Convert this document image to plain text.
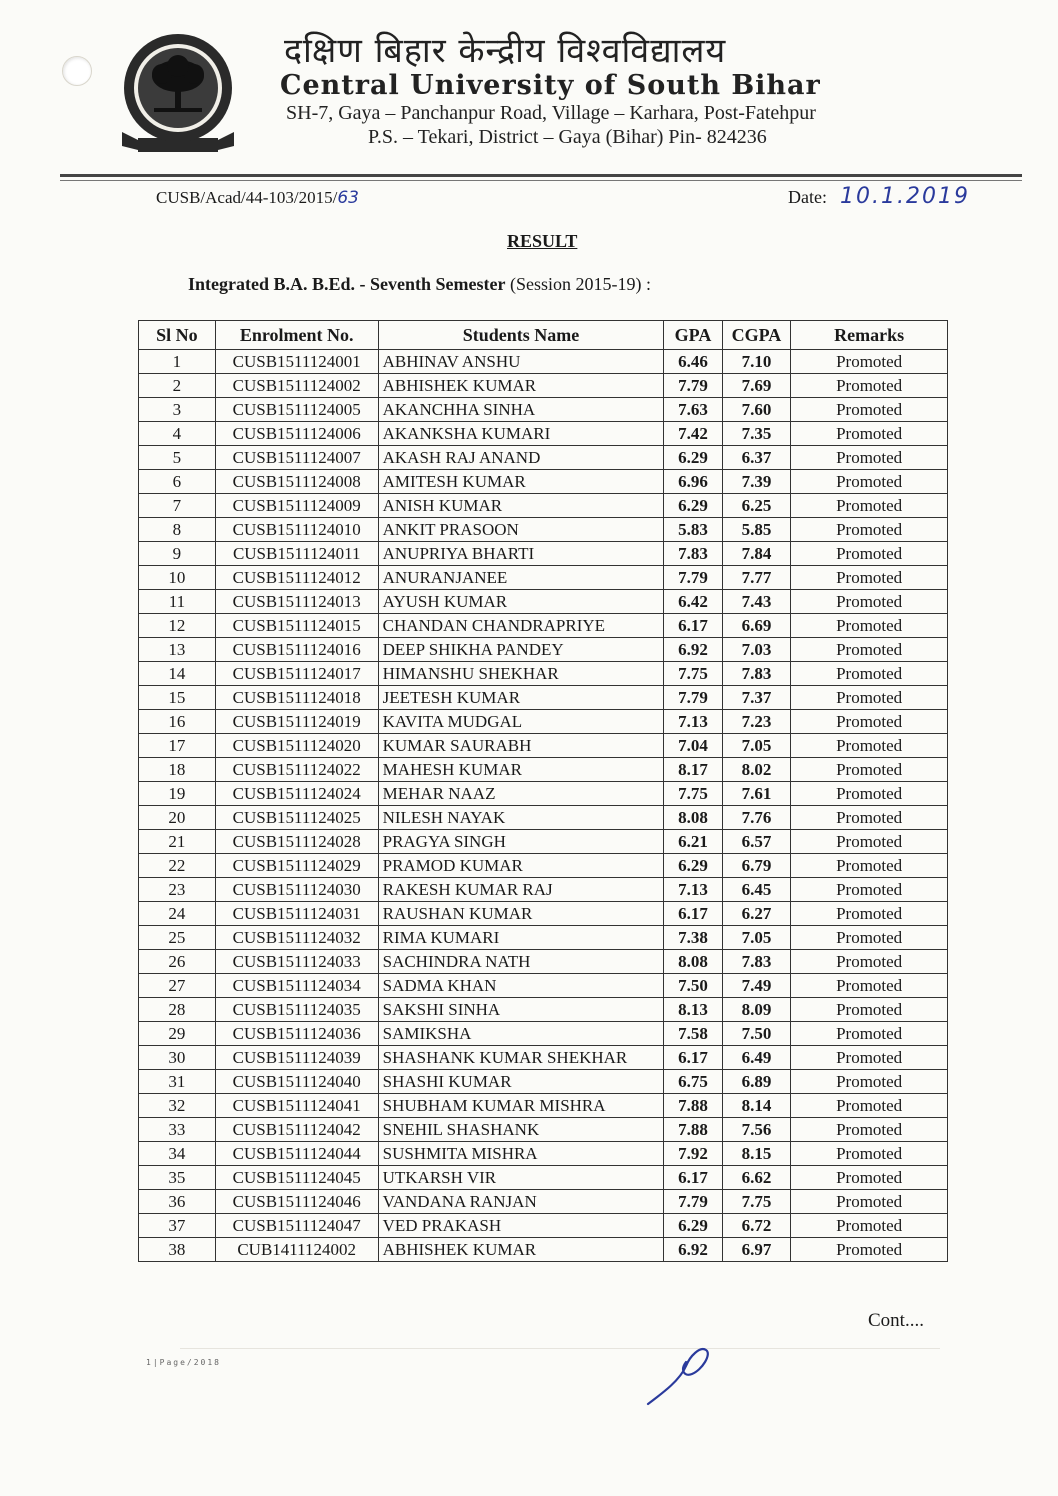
दक्षिण बिहार केन्द्रीय विश्वविद्यालय
Central University of South Bihar
SH-7, Gaya – Panchanpur Road, Village – Karhara, Post-Fatehpur
P.S. – Tekari, District – Gaya (Bihar) Pin- 824236
CUSB/Acad/44-103/2015/63	Date: 10.1.2019
RESULT
Integrated B.A. B.Ed. - Seventh Semester (Session 2015-19) :
Sl No	Enrolment No.	Students Name	GPA	CGPA	Remarks
1	CUSB1511124001	ABHINAV ANSHU	6.46	7.10	Promoted
2	CUSB1511124002	ABHISHEK KUMAR	7.79	7.69	Promoted
3	CUSB1511124005	AKANCHHA SINHA	7.63	7.60	Promoted
4	CUSB1511124006	AKANKSHA KUMARI	7.42	7.35	Promoted
5	CUSB1511124007	AKASH RAJ ANAND	6.29	6.37	Promoted
6	CUSB1511124008	AMITESH KUMAR	6.96	7.39	Promoted
7	CUSB1511124009	ANISH KUMAR	6.29	6.25	Promoted
8	CUSB1511124010	ANKIT PRASOON	5.83	5.85	Promoted
9	CUSB1511124011	ANUPRIYA BHARTI	7.83	7.84	Promoted
10	CUSB1511124012	ANURANJANEE	7.79	7.77	Promoted
11	CUSB1511124013	AYUSH KUMAR	6.42	7.43	Promoted
12	CUSB1511124015	CHANDAN CHANDRAPRIYE	6.17	6.69	Promoted
13	CUSB1511124016	DEEP SHIKHA PANDEY	6.92	7.03	Promoted
14	CUSB1511124017	HIMANSHU SHEKHAR	7.75	7.83	Promoted
15	CUSB1511124018	JEETESH KUMAR	7.79	7.37	Promoted
16	CUSB1511124019	KAVITA MUDGAL	7.13	7.23	Promoted
17	CUSB1511124020	KUMAR SAURABH	7.04	7.05	Promoted
18	CUSB1511124022	MAHESH KUMAR	8.17	8.02	Promoted
19	CUSB1511124024	MEHAR NAAZ	7.75	7.61	Promoted
20	CUSB1511124025	NILESH NAYAK	8.08	7.76	Promoted
21	CUSB1511124028	PRAGYA SINGH	6.21	6.57	Promoted
22	CUSB1511124029	PRAMOD KUMAR	6.29	6.79	Promoted
23	CUSB1511124030	RAKESH KUMAR RAJ	7.13	6.45	Promoted
24	CUSB1511124031	RAUSHAN KUMAR	6.17	6.27	Promoted
25	CUSB1511124032	RIMA KUMARI	7.38	7.05	Promoted
26	CUSB1511124033	SACHINDRA NATH	8.08	7.83	Promoted
27	CUSB1511124034	SADMA KHAN	7.50	7.49	Promoted
28	CUSB1511124035	SAKSHI SINHA	8.13	8.09	Promoted
29	CUSB1511124036	SAMIKSHA	7.58	7.50	Promoted
30	CUSB1511124039	SHASHANK KUMAR SHEKHAR	6.17	6.49	Promoted
31	CUSB1511124040	SHASHI KUMAR	6.75	6.89	Promoted
32	CUSB1511124041	SHUBHAM KUMAR MISHRA	7.88	8.14	Promoted
33	CUSB1511124042	SNEHIL SHASHANK	7.88	7.56	Promoted
34	CUSB1511124044	SUSHMITA MISHRA	7.92	8.15	Promoted
35	CUSB1511124045	UTKARSH VIR	6.17	6.62	Promoted
36	CUSB1511124046	VANDANA RANJAN	7.79	7.75	Promoted
37	CUSB1511124047	VED PRAKASH	6.29	6.72	Promoted
38	CUB1411124002	ABHISHEK KUMAR	6.92	6.97	Promoted
Cont....
1|Page/2018
